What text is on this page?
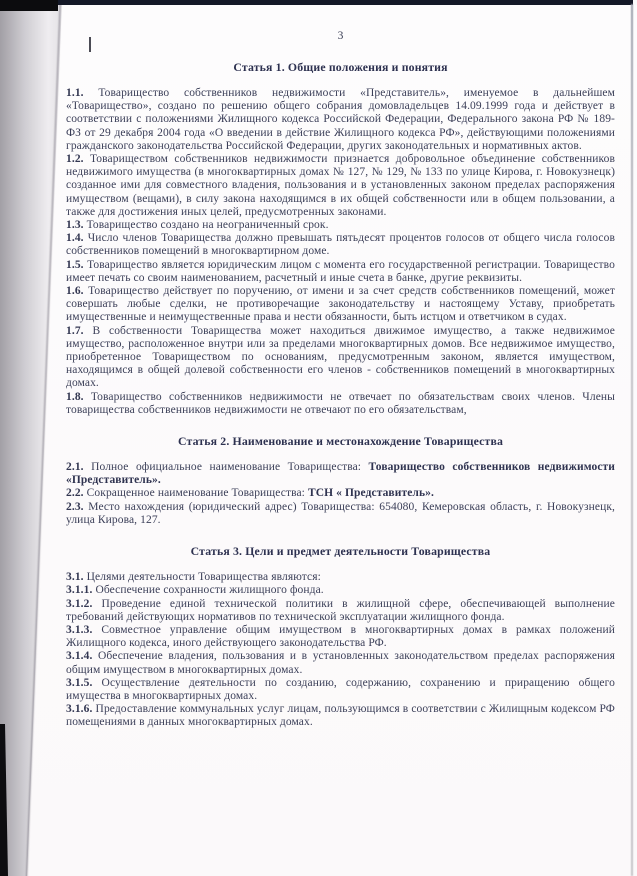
3
Статья 1. Общие положения и понятия

1.1. Товарищество собственников недвижимости «Представитель», именуемое в дальнейшем «Товарищество», создано по решению общего собрания домовладельцев 14.09.1999 года и действует в соответствии с положениями Жилищного кодекса Российской Федерации, Федерального закона РФ № 189-ФЗ от 29 декабря 2004 года «О введении в действие Жилищного кодекса РФ», действующими положениями гражданского законодательства Российской Федерации, других законодательных и нормативных актов.

1.2. Товариществом собственников недвижимости признается добровольное объединение собственников недвижимого имущества (в многоквартирных домах № 127, № 129, № 133 по улице Кирова, г. Новокузнецк) созданное ими для совместного владения, пользования и в установленных законом пределах распоряжения имуществом (вещами), в силу закона находящимся в их общей собственности или в общем пользовании, а также для достижения иных целей, предусмотренных законами.

1.3. Товарищество создано на неограниченный срок.

1.4. Число членов Товарищества должно превышать пятьдесят процентов голосов от общего числа голосов собственников помещений в многоквартирном доме.

1.5. Товарищество является юридическим лицом с момента его государственной регистрации. Товарищество имеет печать со своим наименованием, расчетный и иные счета в банке, другие реквизиты.

1.6. Товарищество действует по поручению, от имени и за счет средств собственников помещений, может совершать любые сделки, не противоречащие законодательству и настоящему Уставу, приобретать имущественные и неимущественные права и нести обязанности, быть истцом и ответчиком в судах.

1.7. В собственности Товарищества может находиться движимое имущество, а также недвижимое имущество, расположенное внутри или за пределами многоквартирных домов. Все недвижимое имущество, приобретенное Товариществом по основаниям, предусмотренным законом, является имуществом, находящимся в общей долевой собственности его членов - собственников помещений в многоквартирных домах.

1.8. Товарищество собственников недвижимости не отвечает по обязательствам своих членов. Члены товарищества собственников недвижимости не отвечают по его обязательствам,

Статья 2. Наименование и местонахождение Товарищества

2.1. Полное официальное наименование Товарищества: Товарищество собственников недвижимости «Представитель».

2.2. Сокращенное наименование Товарищества: ТСН « Представитель».

2.3. Место нахождения (юридический адрес) Товарищества: 654080, Кемеровская область, г. Новокузнецк, улица Кирова, 127.

Статья 3. Цели и предмет деятельности Товарищества

3.1. Целями деятельности Товарищества являются:

3.1.1. Обеспечение сохранности жилищного фонда.

3.1.2. Проведение единой технической политики в жилищной сфере, обеспечивающей выполнение требований действующих нормативов по технической эксплуатации жилищного фонда.

3.1.3. Совместное управление общим имуществом в многоквартирных домах в рамках положений Жилищного кодекса, иного действующего законодательства РФ.

3.1.4. Обеспечение владения, пользования и в установленных законодательством пределах распоряжения общим имуществом в многоквартирных домах.

3.1.5. Осуществление деятельности по созданию, содержанию, сохранению и приращению общего имущества в многоквартирных домах.

3.1.6. Предоставление коммунальных услуг лицам, пользующимся в соответствии с Жилищным кодексом РФ помещениями в данных многоквартирных домах.
